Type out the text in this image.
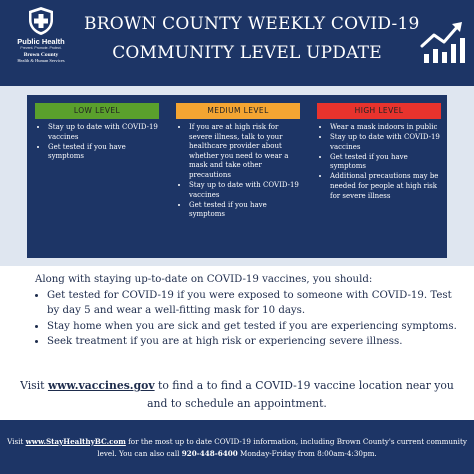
Public Health
Prevent. Promote. Protect.
Brown County
Health & Human Services
BROWN COUNTY WEEKLY COVID-19
COMMUNITY LEVEL UPDATE
LOW LEVEL
• Stay up to date with COVID-19 vaccines
• Get tested if you have symptoms
MEDIUM LEVEL
• If you are at high risk for severe illness, talk to your healthcare provider about whether you need to wear a mask and take other precautions
• Stay up to date with COVID-19 vaccines
• Get tested if you have symptoms
HIGH LEVEL
• Wear a mask indoors in public
• Stay up to date with COVID-19 vaccines
• Get tested if you have symptoms
• Additional precautions may be needed for people at high risk for severe illness

Along with staying up-to-date on COVID-19 vaccines, you should:

• Get tested for COVID-19 if you were exposed to someone with COVID-19. Test by day 5 and wear a well-fitting mask for 10 days.
• Stay home when you are sick and get tested if you are experiencing symptoms.
• Seek treatment if you are at high risk or experiencing severe illness.
Visit www.vaccines.gov to find a to find a COVID-19 vaccine location near you and to schedule an appointment.
Visit www.StayHealthyBC.com for the most up to date COVID-19 information, including Brown County's current community level. You can also call 920-448-6400 Monday-Friday from 8:00am-4:30pm.
